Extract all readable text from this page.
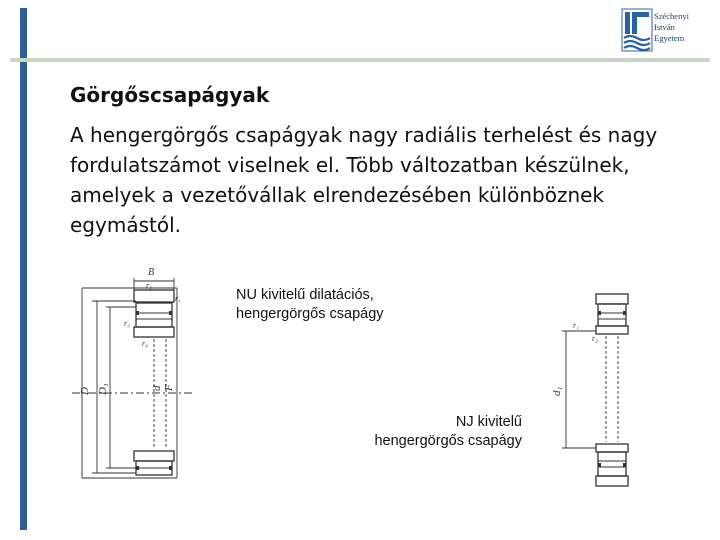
Széchenyi
István
Egyetem
Görgőscsapágyak
A hengergörgős csapágyak nagy radiális terhelést és nagy fordulatszámot viselnek el. Több változatban készülnek, amelyek a vezetővállak elrendezésében különböznek egymástól.
B
r₂
r₁
r₃
r₄
D D₁	d F
NU kivitelű dilatációs,
hengergörgős csapágy
r₁
r₂
d₁
NJ kivitelű
hengergörgős csapágy
